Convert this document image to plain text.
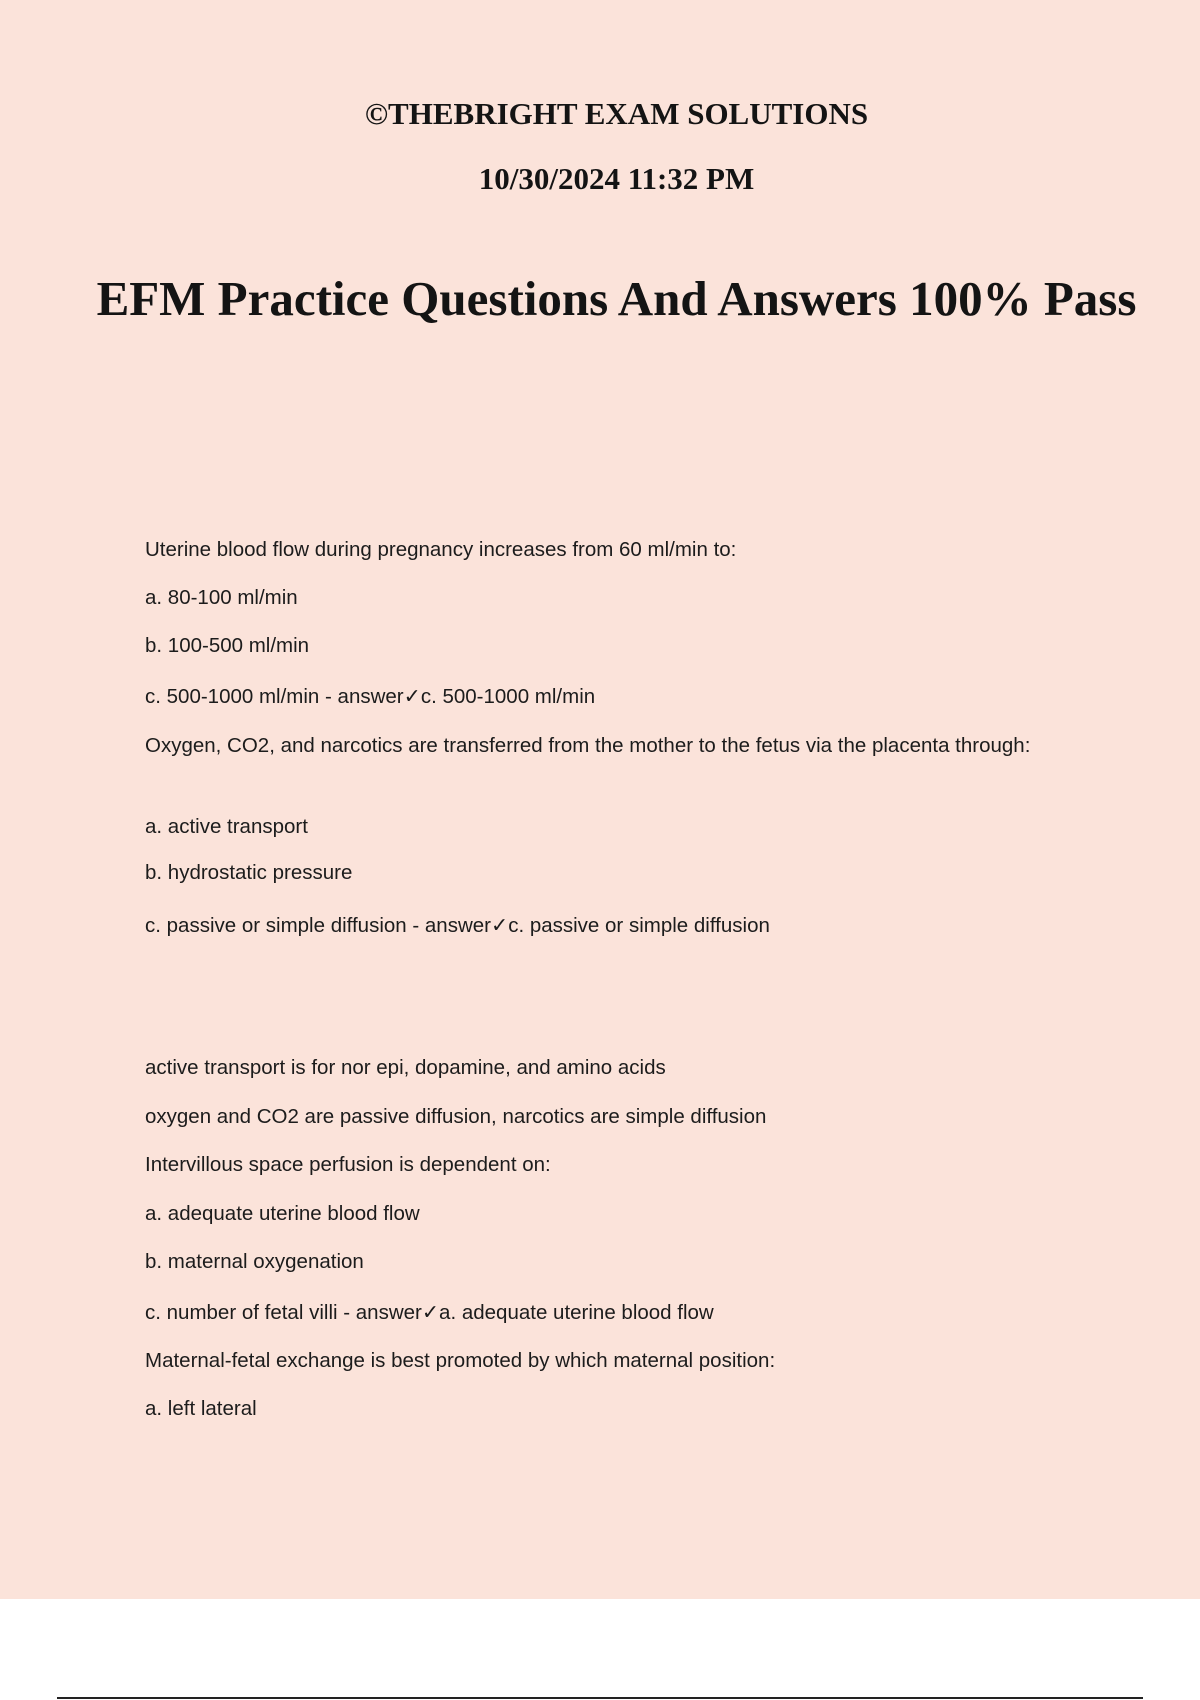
©THEBRIGHT EXAM SOLUTIONS

10/30/2024 11:32 PM

EFM Practice Questions And Answers 100% Pass

Uterine blood flow during pregnancy increases from 60 ml/min to:

a. 80-100 ml/min

b. 100-500 ml/min

c. 500-1000 ml/min - answer✓c. 500-1000 ml/min

Oxygen, CO2, and narcotics are transferred from the mother to the fetus via the placenta through:

a. active transport

b. hydrostatic pressure

c. passive or simple diffusion - answer✓c. passive or simple diffusion

active transport is for nor epi, dopamine, and amino acids

oxygen and CO2 are passive diffusion, narcotics are simple diffusion

Intervillous space perfusion is dependent on:

a. adequate uterine blood flow

b. maternal oxygenation

c. number of fetal villi - answer✓a. adequate uterine blood flow

Maternal-fetal exchange is best promoted by which maternal position:

a. left lateral
